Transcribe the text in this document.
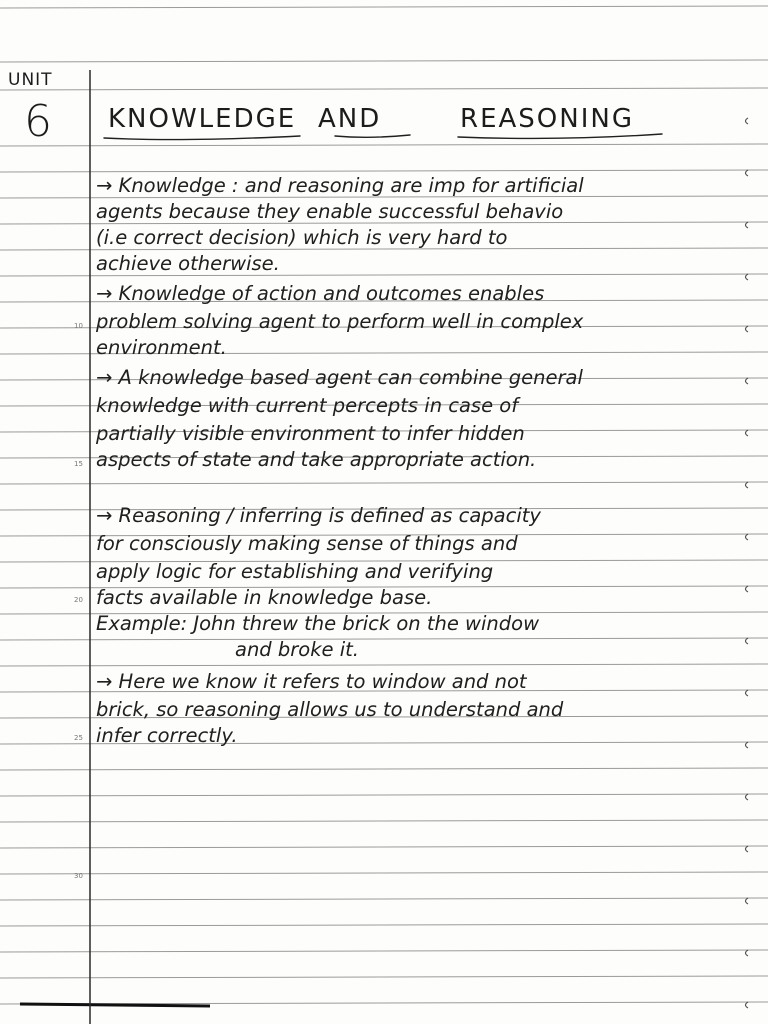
UNIT
6 KNOWLEDGE AND	REASONING
→ Knowledge : and reasoning are imp for artificial
agents because they enable successful behavio
(i.e correct decision) which is very hard to
achieve otherwise.
→ Knowledge of action and outcomes enables
problem solving agent to perform well in complex
environment.
→ A knowledge based agent can combine general
knowledge with current percepts in case of
partially visible environment to infer hidden
aspects of state and take appropriate action.
→ Reasoning / inferring is defined as capacity
for consciously making sense of things and
apply logic for establishing and verifying
facts available in knowledge base.
Example: John threw the brick on the window
and broke it.
→ Here we know it refers to window and not
brick, so reasoning allows us to understand and
infer correctly.
10
15
20
25
30
